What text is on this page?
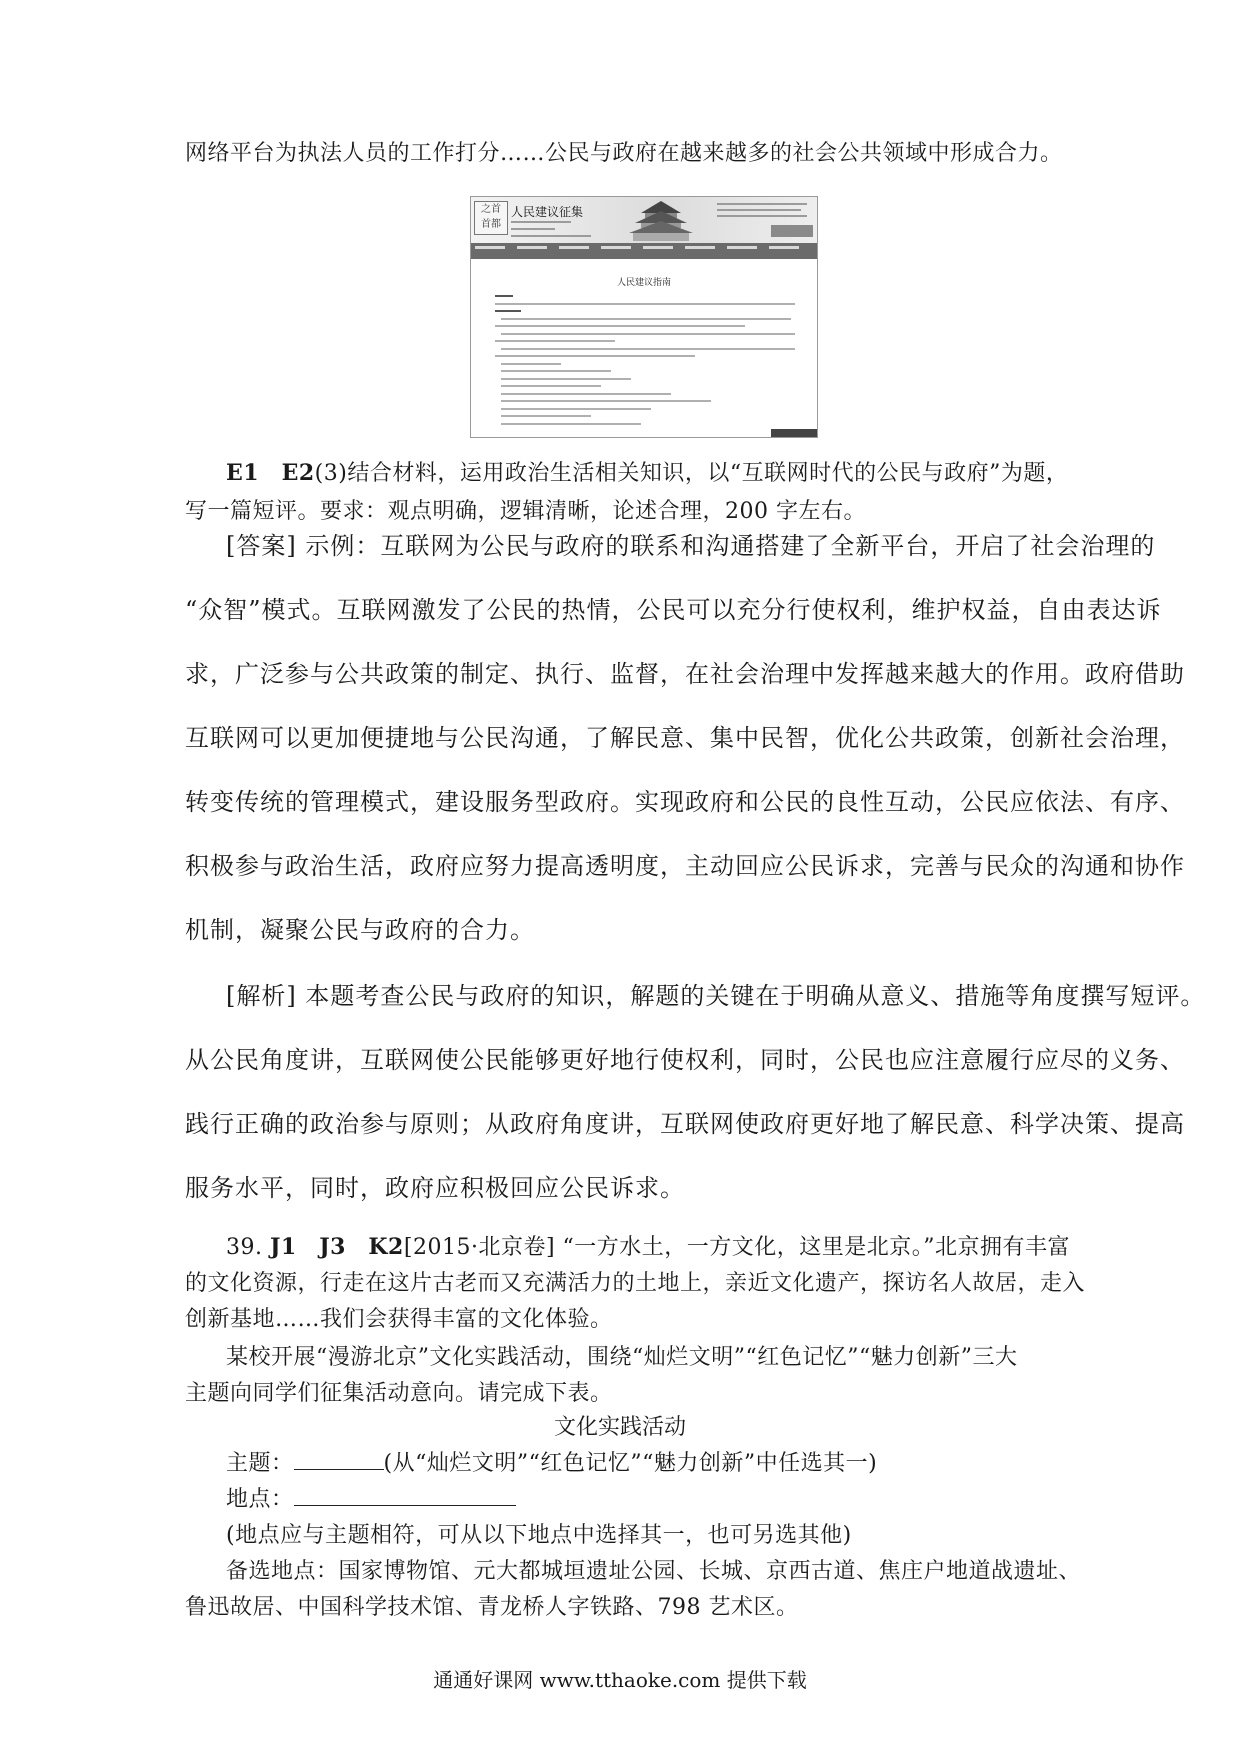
网络平台为执法人员的工作打分……公民与政府在越来越多的社会公共领域中形成合力。
之首 首都
人民建议征集
人民建议指南
E1　E2(3)结合材料，运用政治生活相关知识，以“互联网时代的公民与政府”为题，
写一篇短评。要求：观点明确，逻辑清晰，论述合理，200 字左右。
[答案] 示例：互联网为公民与政府的联系和沟通搭建了全新平台，开启了社会治理的
“众智”模式。互联网激发了公民的热情，公民可以充分行使权利，维护权益，自由表达诉
求，广泛参与公共政策的制定、执行、监督，在社会治理中发挥越来越大的作用。政府借助
互联网可以更加便捷地与公民沟通，了解民意、集中民智，优化公共政策，创新社会治理，
转变传统的管理模式，建设服务型政府。实现政府和公民的良性互动，公民应依法、有序、
积极参与政治生活，政府应努力提高透明度，主动回应公民诉求，完善与民众的沟通和协作
机制，凝聚公民与政府的合力。
[解析] 本题考查公民与政府的知识，解题的关键在于明确从意义、措施等角度撰写短评。
从公民角度讲，互联网使公民能够更好地行使权利，同时，公民也应注意履行应尽的义务、
践行正确的政治参与原则；从政府角度讲，互联网使政府更好地了解民意、科学决策、提高
服务水平，同时，政府应积极回应公民诉求。
39. J1　J3　K2[2015·北京卷] “一方水土，一方文化，这里是北京。”北京拥有丰富
的文化资源，行走在这片古老而又充满活力的土地上，亲近文化遗产，探访名人故居，走入
创新基地……我们会获得丰富的文化体验。
某校开展“漫游北京”文化实践活动，围绕“灿烂文明”“红色记忆”“魅力创新”三大
主题向同学们征集活动意向。请完成下表。
文化实践活动
主题：	(从“灿烂文明”“红色记忆”“魅力创新”中任选其一)
地点：
(地点应与主题相符，可从以下地点中选择其一，也可另选其他)
备选地点：国家博物馆、元大都城垣遗址公园、长城、京西古道、焦庄户地道战遗址、
鲁迅故居、中国科学技术馆、青龙桥人字铁路、798 艺术区。
通通好课网 www.tthaoke.com 提供下载
